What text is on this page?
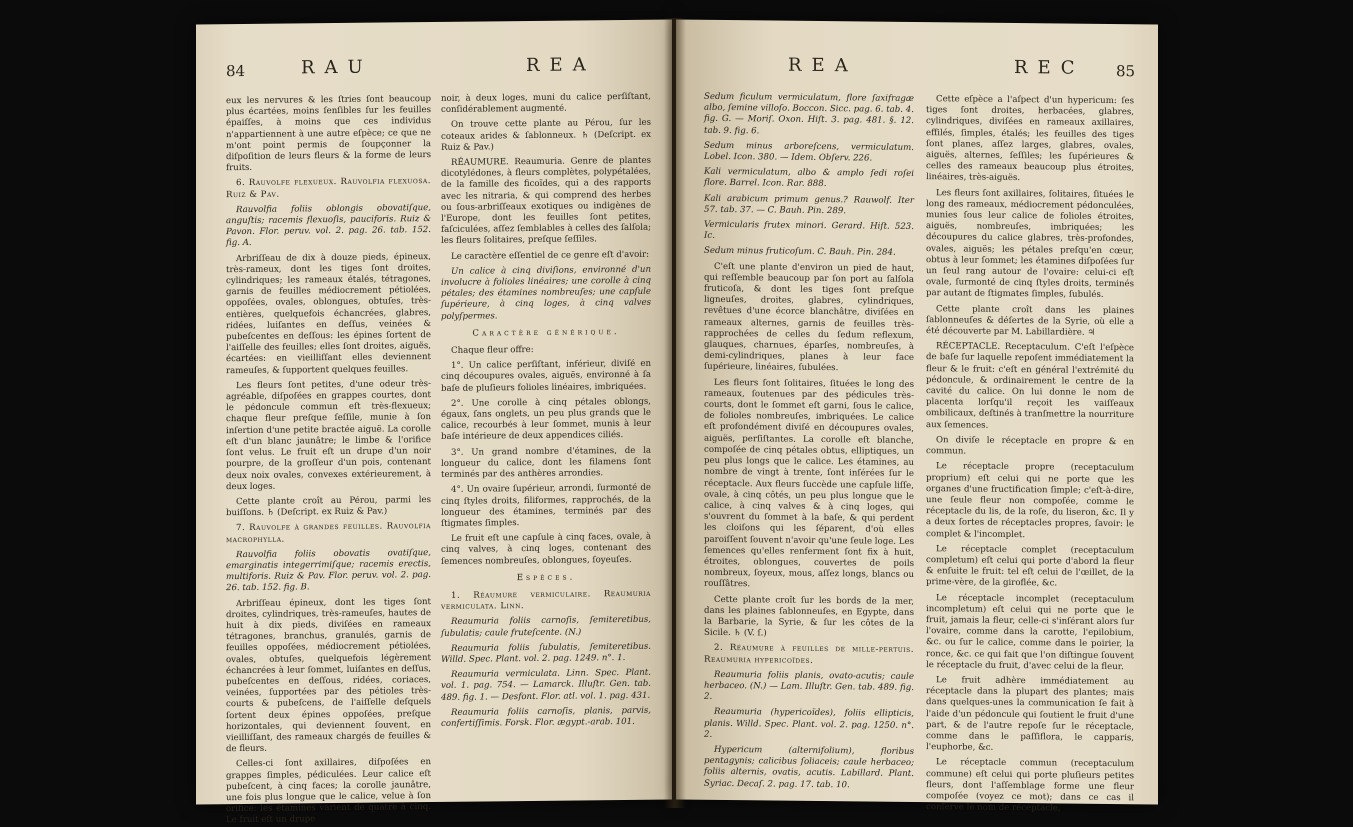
84	RAU	REA

eux les nervures & les ſtries ſont beaucoup plus écartées, moins ſenſibles ſur les feuilles épaiſſes, à moins que ces individus n'appartiennent à une autre eſpèce; ce que ne m'ont point permis de ſoupçonner la diſpoſition de leurs fleurs & la forme de leurs fruits.

6. Rauvolfe flexueux. Rauvolfia flexuoſa. Ruiz & Pav.

Rauvolfia foliis oblongis obovatiſque, anguſtis; racemis flexuoſis, pauciforis. Ruiz & Pavon. Flor. peruv. vol. 2. pag. 26. tab. 152. fig. A.

Arbriſſeau de dix à douze pieds, épineux, très-rameux, dont les tiges ſont droites, cylindriques; les rameaux étalés, tétragones, garnis de feuilles médiocrement pétiolées, oppoſées, ovales, oblongues, obtuſes, très-entières, quelquefois échancrées, glabres, ridées, luiſantes en deſſus, veinées & pubeſcentes en deſſous: les épines ſortent de l'aiſſelle des feuilles; elles ſont droites, aiguës, écartées: en vieilliſſant elles deviennent rameuſes, & ſupportent quelques feuilles.

Les fleurs ſont petites, d'une odeur très-agréable, diſpoſées en grappes courtes, dont le pédoncule commun eſt très-flexueux; chaque fleur preſque ſeſſile, munie à ſon inſertion d'une petite bractée aiguë. La corolle eſt d'un blanc jaunâtre; le limbe & l'orifice ſont velus. Le fruit eſt un drupe d'un noir pourpre, de la groſſeur d'un pois, contenant deux noix ovales, convexes extérieurement, à deux loges.

Cette plante croît au Pérou, parmi les buiſſons. ♄ (Deſcript. ex Ruiz & Pav.)

7. Rauvolfe à grandes feuilles. Rauvolfia macrophylla.

Rauvolfia foliis obovatis ovatiſque, emarginatis integerrimiſque; racemis erectis, multiforis. Ruiz & Pav. Flor. peruv. vol. 2. pag. 26. tab. 152. fig. B.

Arbriſſeau épineux, dont les tiges ſont droites, cylindriques, très-rameuſes, hautes de huit à dix pieds, diviſées en rameaux tétragones, branchus, granulés, garnis de feuilles oppoſées, médiocrement pétiolées, ovales, obtuſes, quelquefois légèrement échancrées à leur ſommet, luiſantes en deſſus, pubeſcentes en deſſous, ridées, coriaces, veinées, ſupportées par des pétioles très-courts & pubeſcens, de l'aiſſelle deſquels ſortent deux épines oppoſées, preſque horizontales, qui deviennent ſouvent, en vieilliſſant, des rameaux chargés de feuilles & de fleurs.

Celles-ci ſont axillaires, diſpoſées en grappes ſimples, pédiculées. Leur calice eſt pubeſcent, à cinq faces; la corolle jaunâtre, une fois plus longue que le calice, velue à ſon orifice: les étamines varient de quatre à cinq. Le fruit eſt un drupe

noir, à deux loges, muni du calice perſiſtant, conſidérablement augmenté.

On trouve cette plante au Pérou, ſur les coteaux arides & ſablonneux. ♄ (Deſcript. ex Ruiz & Pav.)

RÉAUMURE. Reaumuria. Genre de plantes dicotylédones, à fleurs complètes, polypétalées, de la famille des ficoïdes, qui a des rapports avec les nitraria, & qui comprend des herbes ou ſous-arbriſſeaux exotiques ou indigènes de l'Europe, dont les feuilles ſont petites, faſciculées, aſſez ſemblables à celles des ſalſola; les fleurs ſolitaires, preſque ſeſſiles.

Le caractère eſſentiel de ce genre eſt d'avoir:

Un calice à cinq diviſions, environné d'un involucre à folioles linéaires; une corolle à cinq pétales; des étamines nombreuſes; une capſule ſupérieure, à cinq loges, à cinq valves polyſpermes.

Caractère générique.

Chaque fleur offre:

1°. Un calice perſiſtant, inférieur, diviſé en cinq découpures ovales, aiguës, environné à ſa baſe de pluſieurs folioles linéaires, imbriquées.

2°. Une corolle à cinq pétales oblongs, égaux, ſans onglets, un peu plus grands que le calice, recourbés à leur ſommet, munis à leur baſe intérieure de deux appendices ciliés.

3°. Un grand nombre d'étamines, de la longueur du calice, dont les filamens ſont terminés par des anthères arrondies.

4°. Un ovaire ſupérieur, arrondi, ſurmonté de cinq ſtyles droits, filiformes, rapprochés, de la longueur des étamines, terminés par des ſtigmates ſimples.

Le fruit eſt une capſule à cinq faces, ovale, à cinq valves, à cinq loges, contenant des ſemences nombreuſes, oblongues, ſoyeuſes.

Espèces.

1. Réaumure vermiculaire. Reaumuria vermiculata. Linn.

Reaumuria foliis carnoſis, ſemiteretibus, ſubulatis; caule fruteſcente. (N.)

Reaumuria foliis ſubulatis, ſemiteretibus. Willd. Spec. Plant. vol. 2. pag. 1249. n°. 1.

Reaumuria vermiculata. Linn. Spec. Plant. vol. 1. pag. 754. — Lamarck. Illuſtr. Gen. tab. 489. fig. 1. — Desfont. Flor. atl. vol. 1. pag. 431.

Reaumuria foliis carnoſis, planis, parvis, confertiſſimis. Forsk. Flor. ægypt.-arab. 101.

REA	REC 85

Sedum ficulum vermiculatum, flore ſaxifragæ albo, ſemine villoſo. Boccon. Sicc. pag. 6. tab. 4. fig. G. — Moriſ. Oxon. Hiſt. 3. pag. 481. §. 12. tab. 9. fig. 6.

Sedum minus arboreſcens, vermiculatum. Lobel. Icon. 380. — Idem. Obſerv. 226.

Kali vermiculatum, albo & amplo ſedi roſei flore. Barrel. Icon. Rar. 888.

Kali arabicum primum genus.? Rauwolf. Iter 57. tab. 37. — C. Bauh. Pin. 289.

Vermicularis frutex minori. Gerard. Hiſt. 523. Ic.

Sedum minus fruticoſum. C. Bauh. Pin. 284.

C'eſt une plante d'environ un pied de haut, qui reſſemble beaucoup par ſon port au ſalſola fruticoſa, & dont les tiges ſont preſque ligneuſes, droites, glabres, cylindriques, revêtues d'une écorce blanchâtre, diviſées en rameaux alternes, garnis de feuilles très-rapprochées de celles du ſedum reflexum, glauques, charnues, éparſes, nombreuſes, à demi-cylindriques, planes à leur face ſupérieure, linéaires, ſubulées.

Les fleurs ſont ſolitaires, ſituées le long des rameaux, ſoutenues par des pédicules très-courts, dont le ſommet eſt garni, ſous le calice, de folioles nombreuſes, imbriquées. Le calice eſt profondément diviſé en découpures ovales, aiguës, perſiſtantes. La corolle eſt blanche, compoſée de cinq pétales obtus, elliptiques, un peu plus longs que le calice. Les étamines, au nombre de vingt à trente, ſont inſérées ſur le réceptacle. Aux fleurs ſuccède une capſule liſſe, ovale, à cinq côtés, un peu plus longue que le calice, à cinq valves & à cinq loges, qui s'ouvrent du ſommet à la baſe, & qui perdent les cloiſons qui les ſéparent, d'où elles paroiſſent ſouvent n'avoir qu'une ſeule loge. Les ſemences qu'elles renferment ſont fix à huit, étroites, oblongues, couvertes de poils nombreux, ſoyeux, mous, aſſez longs, blancs ou rouſſâtres.

Cette plante croît ſur les bords de la mer, dans les plaines ſablonneuſes, en Egypte, dans la Barbarie, la Syrie, & ſur les côtes de la Sicile. ♄ (V. ſ.)

2. Réaumure à feuilles de mille-pertuis. Reaumuria hypericoïdes.

Reaumuria foliis planis, ovato-acutis; caule herbaceo. (N.) — Lam. Illuſtr. Gen. tab. 489. fig. 2.

Reaumuria (hypericoïdes), foliis ellipticis, planis. Willd. Spec. Plant. vol. 2. pag. 1250. n°. 2.

Hypericum (alternifolium), floribus pentagynis; calicibus ſoliaceis; caule herbaceo; foliis alternis, ovatis, acutis. Labillard. Plant. Syriac. Decaſ. 2. pag. 17. tab. 10.

Cette eſpèce a l'aſpect d'un hypericum: ſes tiges ſont droites, herbacées, glabres, cylindriques, diviſées en rameaux axillaires, effilés, ſimples, étalés; les feuilles des tiges ſont planes, aſſez larges, glabres, ovales, aiguës, alternes, ſeſſiles; les ſupérieures & celles des rameaux beaucoup plus étroites, linéaires, très-aiguës.

Les fleurs ſont axillaires, ſolitaires, ſituées le long des rameaux, médiocrement pédonculées, munies ſous leur calice de folioles étroites, aiguës, nombreuſes, imbriquées; les découpures du calice glabres, très-profondes, ovales, aiguës; les pétales preſqu'en cœur, obtus à leur ſommet; les étamines diſpoſées ſur un ſeul rang autour de l'ovaire: celui-ci eſt ovale, ſurmonté de cinq ſtyles droits, terminés par autant de ſtigmates ſimples, ſubulés.

Cette plante croît dans les plaines ſablonneuſes & déſertes de la Syrie, où elle a été découverte par M. Labillardière. ♃

RÉCEPTACLE. Receptaculum. C'eſt l'eſpèce de baſe ſur laquelle repoſent immédiatement la fleur & le fruit: c'eſt en général l'extrémité du pédoncule, & ordinairement le centre de la cavité du calice. On lui donne le nom de placenta lorſqu'il reçoit les vaiſſeaux ombilicaux, deſtinés à tranſmettre la nourriture aux ſemences.

On diviſe le réceptacle en propre & en commun.

Le réceptacle propre (receptaculum proprium) eſt celui qui ne porte que les organes d'une fructification ſimple; c'eſt-à-dire, une ſeule fleur non compoſée, comme le réceptacle du lis, de la roſe, du liseron, &c. Il y a deux ſortes de réceptacles propres, ſavoir: le complet & l'incomplet.

Le réceptacle complet (receptaculum completum) eſt celui qui porte d'abord la fleur & enſuite le fruit: tel eſt celui de l'œillet, de la prime-vère, de la giroflée, &c.

Le réceptacle incomplet (receptaculum incompletum) eſt celui qui ne porte que le fruit, jamais la fleur, celle-ci s'inſérant alors ſur l'ovaire, comme dans la carotte, l'epilobium, &c. ou ſur le calice, comme dans le poirier, la ronce, &c. ce qui fait que l'on diſtingue ſouvent le réceptacle du fruit, d'avec celui de la fleur.

Le fruit adhère immédiatement au réceptacle dans la plupart des plantes; mais dans quelques-unes la communication ſe fait à l'aide d'un pédoncule qui ſoutient le fruit d'une part, & de l'autre repoſe ſur le réceptacle, comme dans le paſſiflora, le capparis, l'euphorbe, &c.

Le réceptacle commun (receptaculum commune) eſt celui qui porte pluſieurs petites fleurs, dont l'aſſemblage forme une fleur compoſée (voyez ce mot); dans ce cas il conſerve le nom de réceptacle,
